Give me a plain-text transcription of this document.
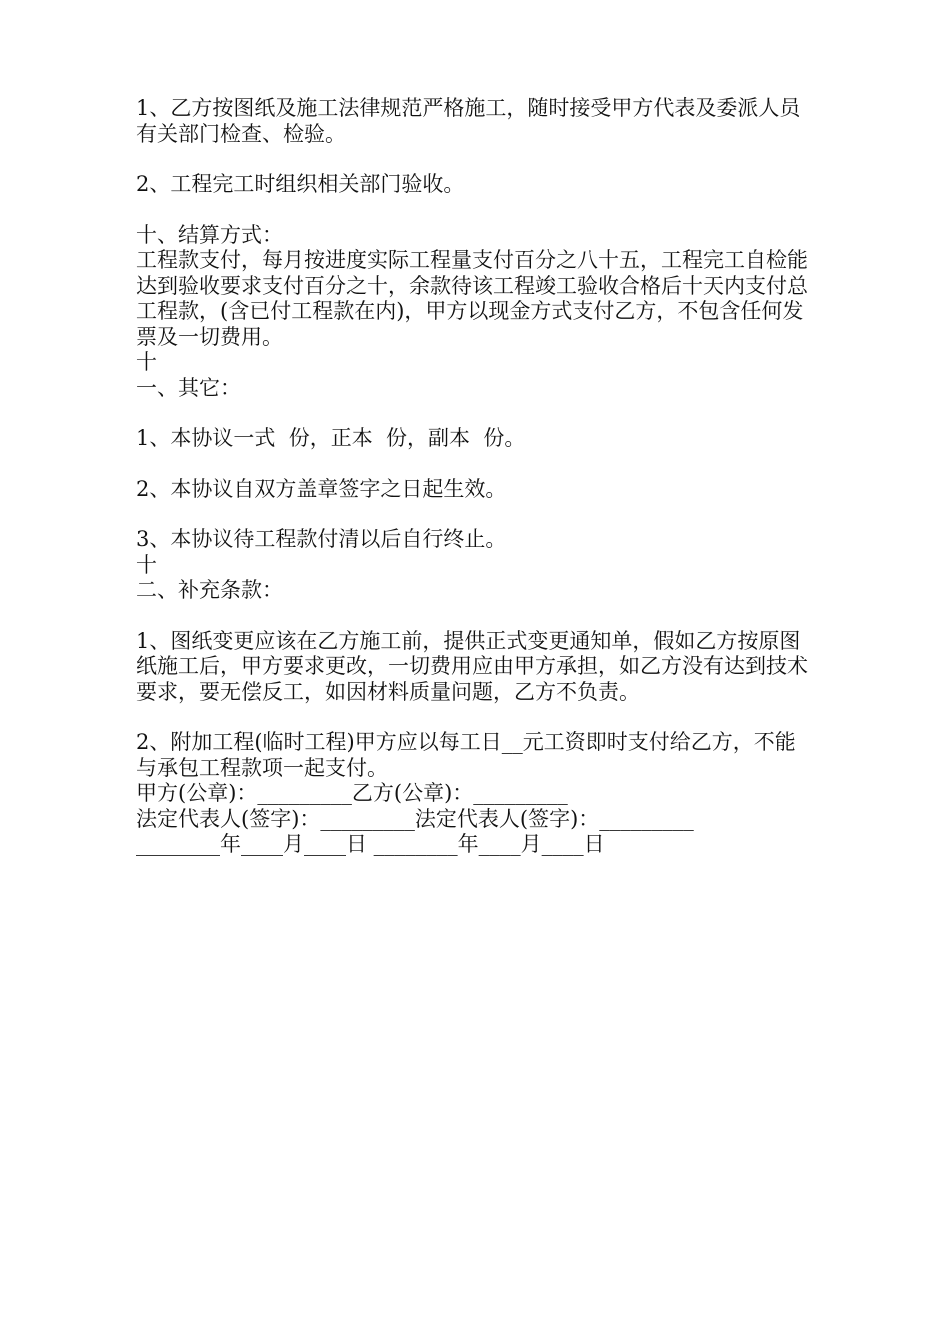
1、乙方按图纸及施工法律规范严格施工，随时接受甲方代表及委派人员有关部门检查、检验。

2、工程完工时组织相关部门验收。

十、结算方式：

工程款支付，每月按进度实际工程量支付百分之八十五，工程完工自检能达到验收要求支付百分之十，余款待该工程竣工验收合格后十天内支付总工程款，(含已付工程款在内)，甲方以现金方式支付乙方，不包含任何发票及一切费用。

十

一、其它：

1、本协议一式  份，正本  份，副本  份。

2、本协议自双方盖章签字之日起生效。

3、本协议待工程款付清以后自行终止。

十

二、补充条款：

1、图纸变更应该在乙方施工前，提供正式变更通知单，假如乙方按原图纸施工后，甲方要求更改，一切费用应由甲方承担，如乙方没有达到技术要求，要无偿反工，如因材料质量问题，乙方不负责。

2、附加工程(临时工程)甲方应以每工日__元工资即时支付给乙方，不能与承包工程款项一起支付。

甲方(公章)：_________乙方(公章)：_________
法定代表人(签字)：_________法定代表人(签字)：_________
________年____月____日 ________年____月____日
